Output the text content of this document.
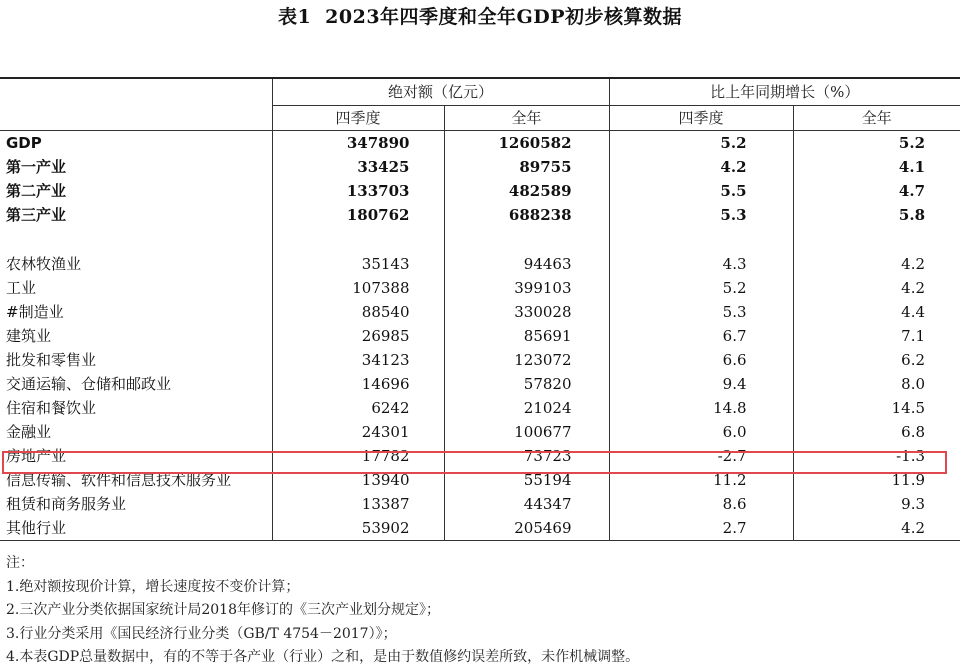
表1 2023年四季度和全年GDP初步核算数据
	绝对额（亿元）		比上年同期增长（%）	
	四季度	全年	四季度	全年
GDP	347890	1260582	5.2	5.2
第一产业	33425	89755	4.2	4.1
第二产业	133703	482589	5.5	4.7
第三产业	180762	688238	5.3	5.8

农林牧渔业	35143	94463	4.3	4.2
工业	107388	399103	5.2	4.2
#制造业	88540	330028	5.3	4.4
建筑业	26985	85691	6.7	7.1
批发和零售业	34123	123072	6.6	6.2
交通运输、仓储和邮政业	14696	57820	9.4	8.0
住宿和餐饮业	6242	21024	14.8	14.5
金融业	24301	100677	6.0	6.8
房地产业	17782	73723	-2.7	-1.3
信息传输、软件和信息技术服务业	13940	55194	11.2	11.9
租赁和商务服务业	13387	44347	8.6	9.3
其他行业	53902	205469	2.7	4.2
注：
1.绝对额按现价计算，增长速度按不变价计算；
2.三次产业分类依据国家统计局2018年修订的《三次产业划分规定》；
3.行业分类采用《国民经济行业分类（GB/T 4754－2017）》；
4.本表GDP总量数据中，有的不等于各产业（行业）之和，是由于数值修约误差所致，未作机械调整。
